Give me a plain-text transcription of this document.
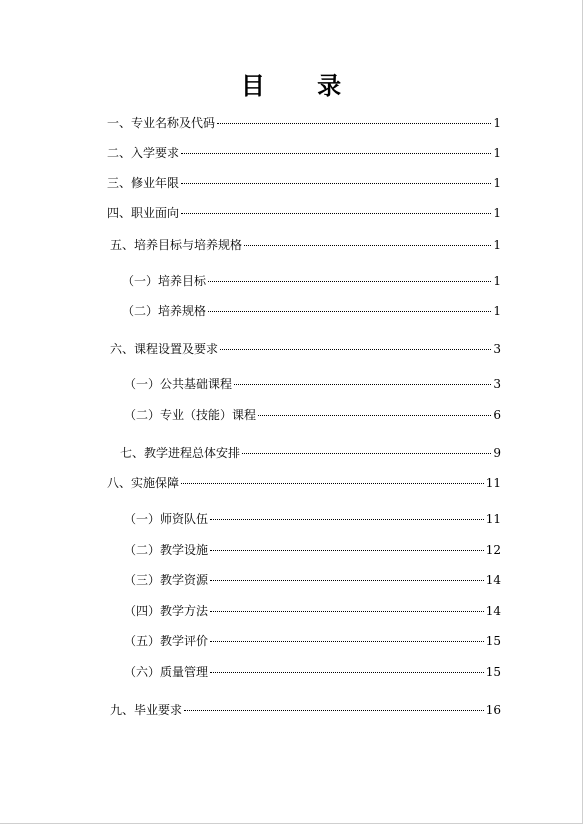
目 录
一、专业名称及代码	1
二、入学要求	1
三、修业年限	1
四、职业面向	1
五、培养目标与培养规格	1
（一）培养目标	1
（二）培养规格	1
六、课程设置及要求	3
（一）公共基础课程	3
（二）专业（技能）课程	6
七、教学进程总体安排	9
八、实施保障	11
（一）师资队伍	11
（二）教学设施	12
（三）教学资源	14
（四）教学方法	14
（五）教学评价	15
（六）质量管理	15
九、毕业要求	16
